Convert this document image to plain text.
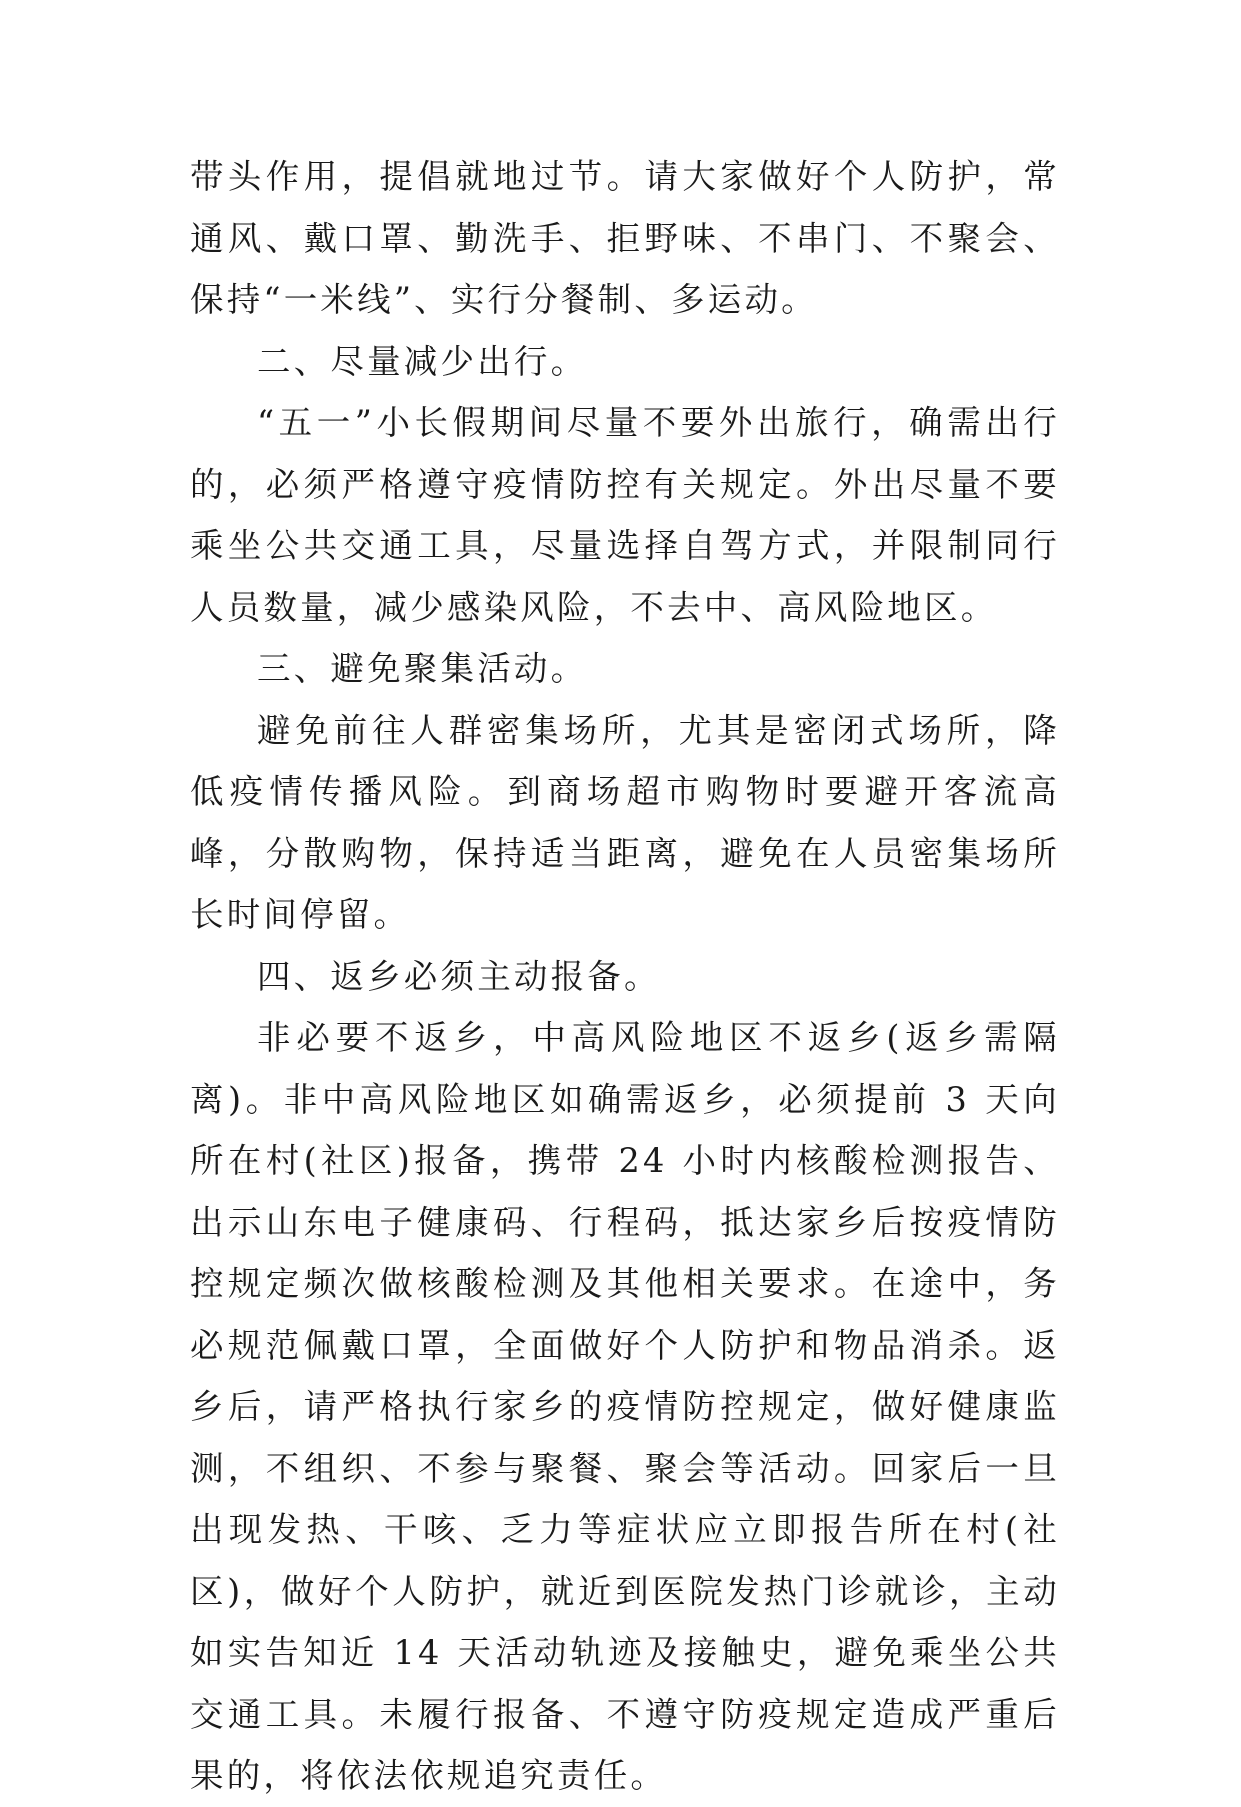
带头作用，提倡就地过节。请大家做好个人防护，常通风、戴口罩、勤洗手、拒野味、不串门、不聚会、保持“一米线”、实行分餐制、多运动。

二、尽量减少出行。

“五一”小长假期间尽量不要外出旅行，确需出行的，必须严格遵守疫情防控有关规定。外出尽量不要乘坐公共交通工具，尽量选择自驾方式，并限制同行人员数量，减少感染风险，不去中、高风险地区。

三、避免聚集活动。

避免前往人群密集场所，尤其是密闭式场所，降低疫情传播风险。到商场超市购物时要避开客流高峰，分散购物，保持适当距离，避免在人员密集场所长时间停留。

四、返乡必须主动报备。

非必要不返乡，中高风险地区不返乡(返乡需隔离)。非中高风险地区如确需返乡，必须提前 3 天向所在村(社区)报备，携带 24 小时内核酸检测报告、出示山东电子健康码、行程码，抵达家乡后按疫情防控规定频次做核酸检测及其他相关要求。在途中，务必规范佩戴口罩，全面做好个人防护和物品消杀。返乡后，请严格执行家乡的疫情防控规定，做好健康监测，不组织、不参与聚餐、聚会等活动。回家后一旦出现发热、干咳、乏力等症状应立即报告所在村(社区)，做好个人防护，就近到医院发热门诊就诊，主动如实告知近 14 天活动轨迹及接触史，避免乘坐公共交通工具。未履行报备、不遵守防疫规定造成严重后果的，将依法依规追究责任。
